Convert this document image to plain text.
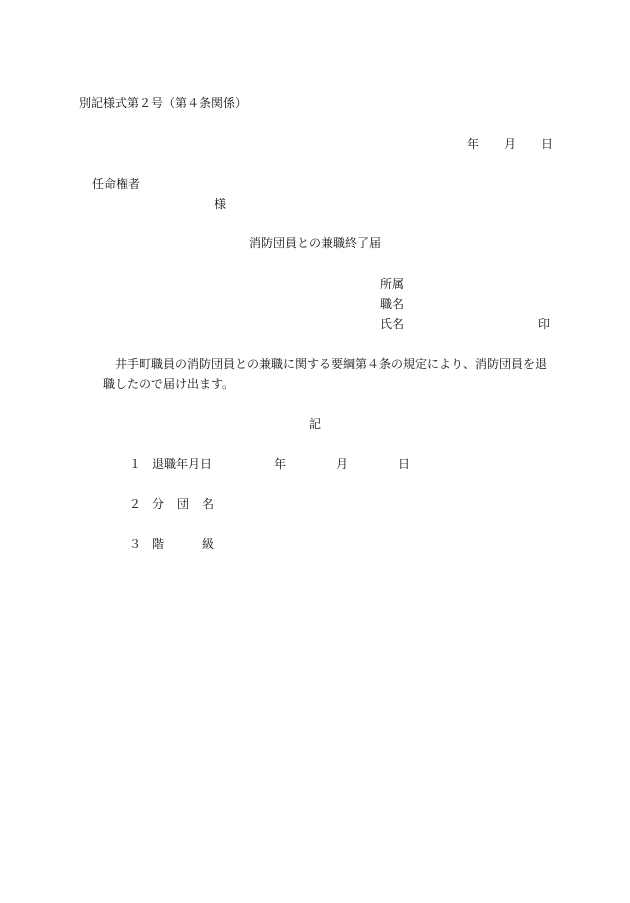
別記様式第２号（第４条関係）
年 月 日
任命権者
様
消防団員との兼職終了届
所属
職名
氏名	印
井手町職員の消防団員との兼職に関する要綱第４条の規定により、消防団員を退
職したので届け出ます。
記
１ 退職年月日	年	月	日
２ 分 団 名
３ 階	級
